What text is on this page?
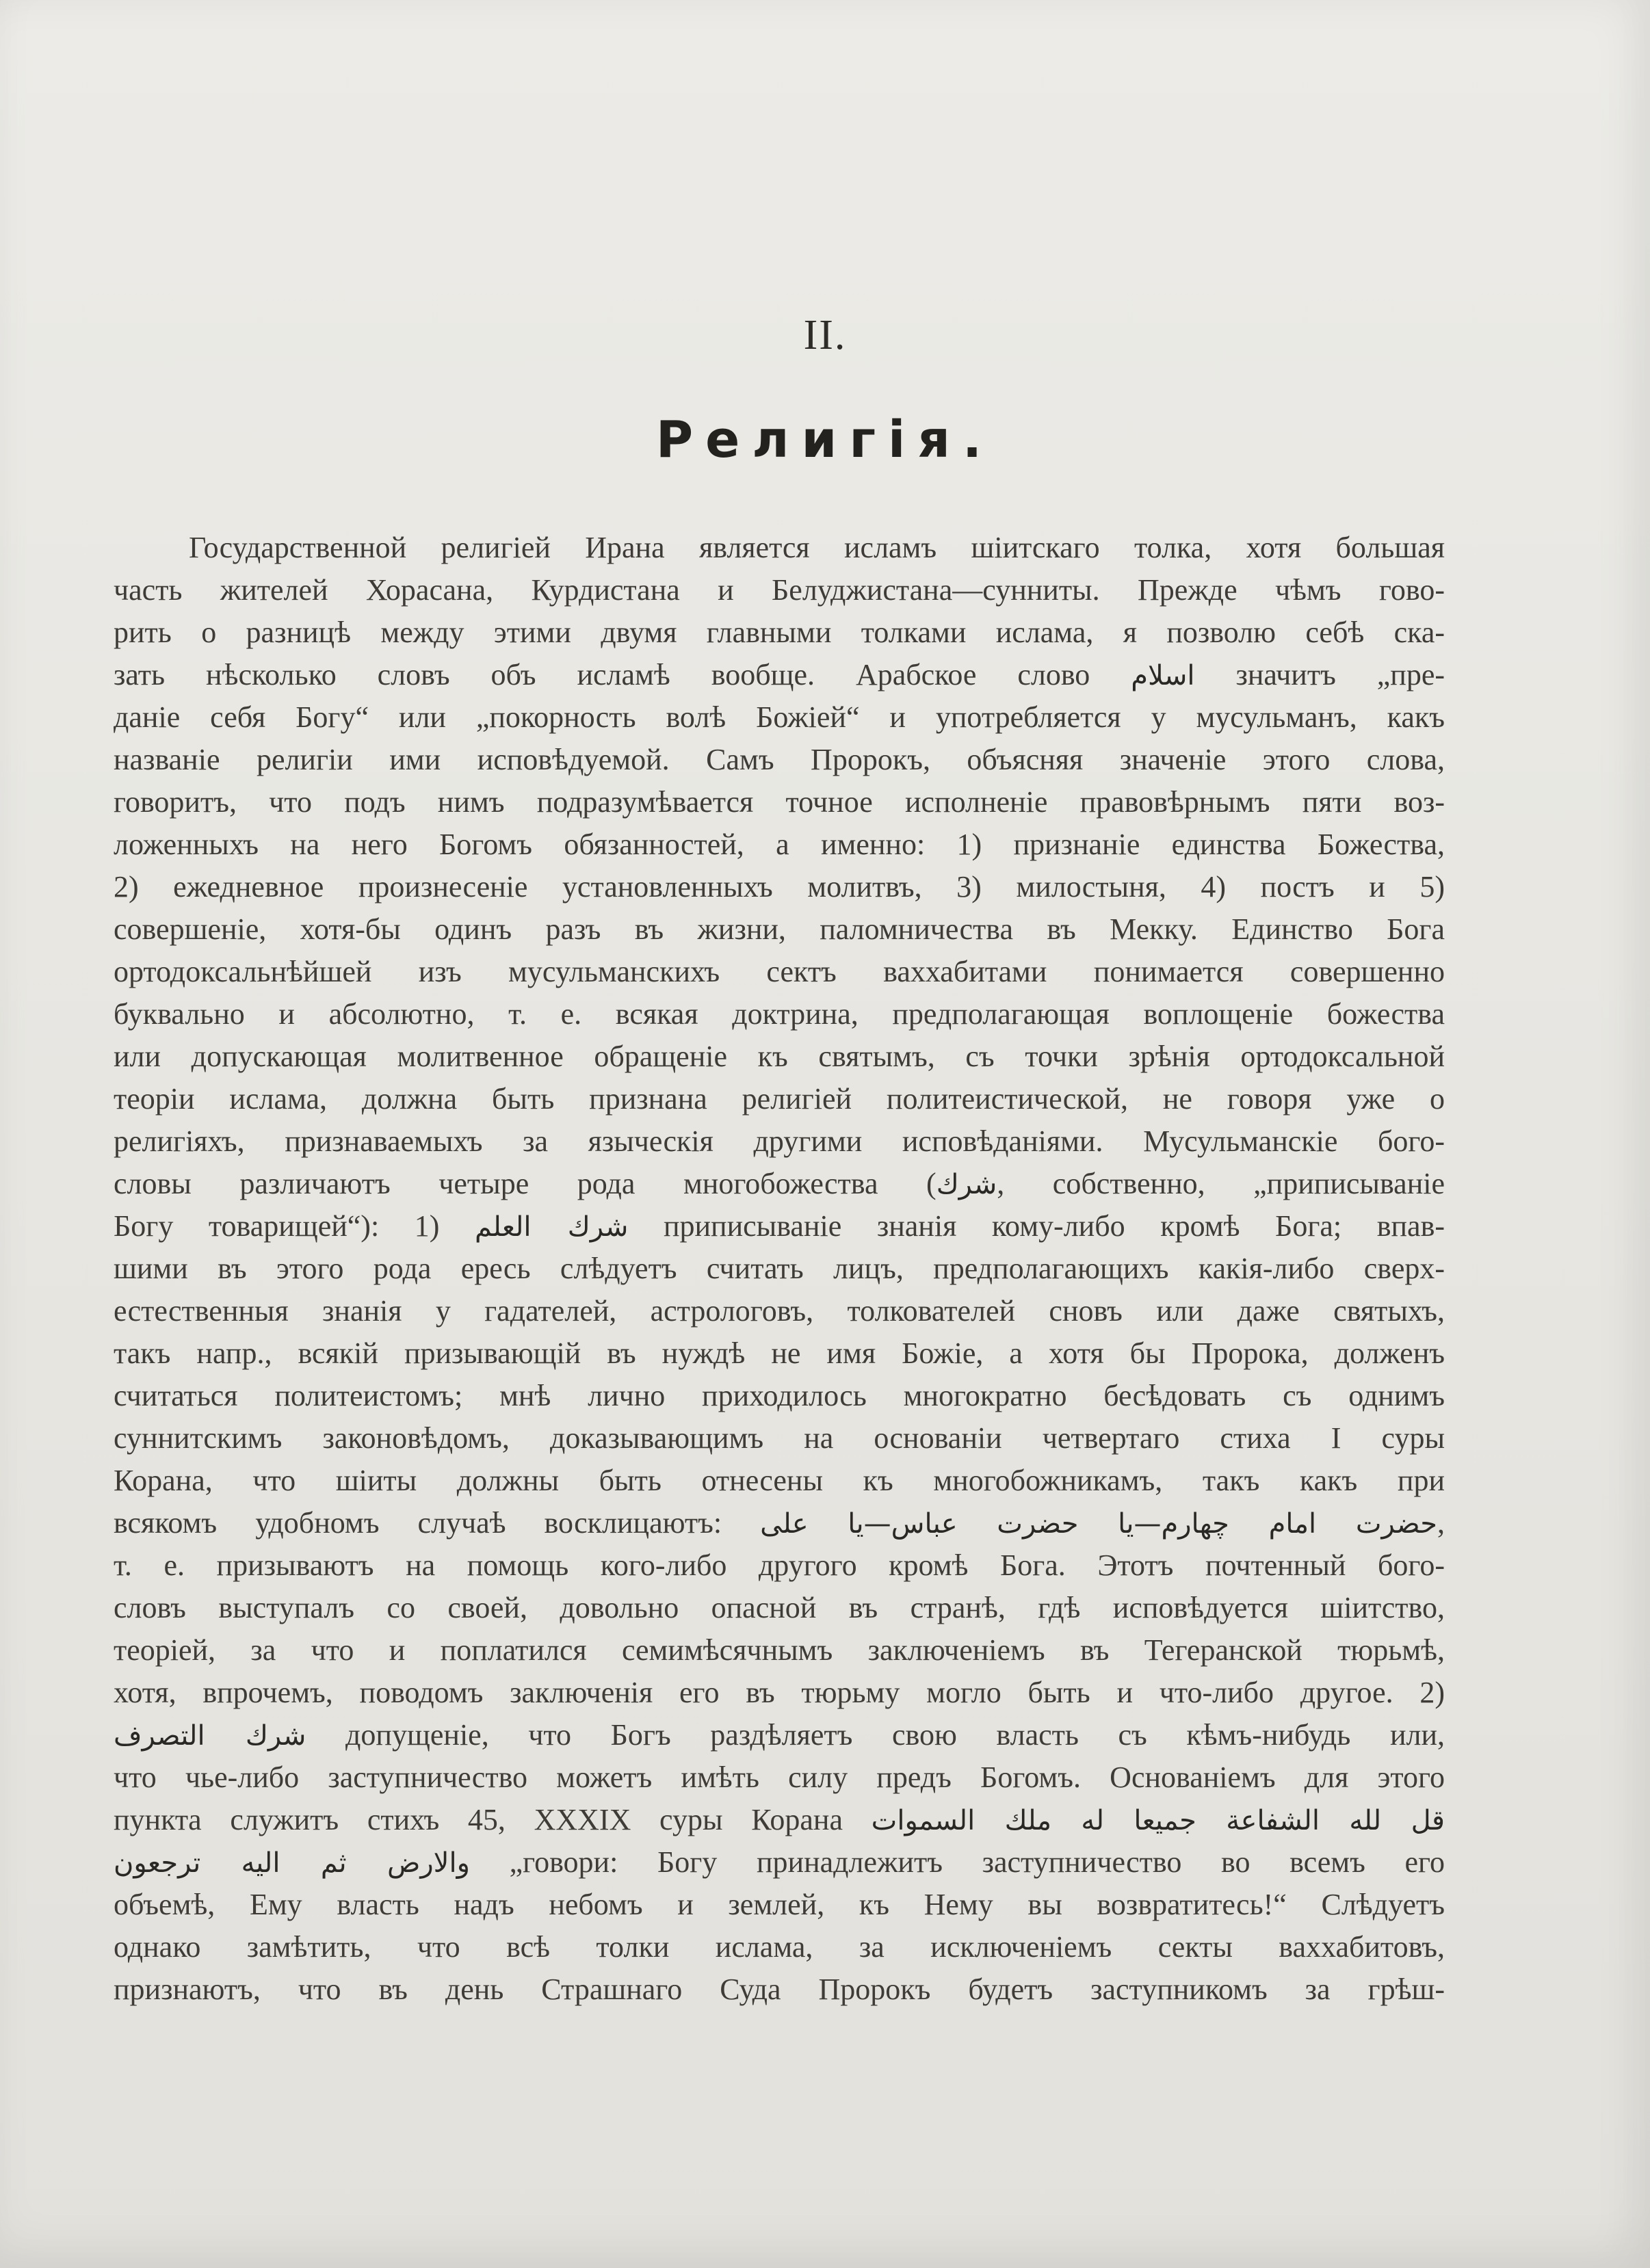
II.
Религія.
Государственной религіей Ирана является исламъ шіитскаго толка, хотя большая
часть жителей Хорасана, Курдистана и Белуджистана—сунниты. Прежде чѣмъ гово-
рить о разницѣ между этими двумя главными толками ислама, я позволю себѣ ска-
зать нѣсколько словъ объ исламѣ вообще. Арабское слово اسلام значитъ „пре-
даніе себя Богу“ или „покорность волѣ Божіей“ и употребляется у мусульманъ, какъ
названіе религіи ими исповѣдуемой. Самъ Пророкъ, объясняя значеніе этого слова,
говоритъ, что подъ нимъ подразумѣвается точное исполненіе правовѣрнымъ пяти воз-
ложенныхъ на него Богомъ обязанностей, а именно: 1) признаніе единства Божества,
2) ежедневное произнесеніе установленныхъ молитвъ, 3) милостыня, 4) постъ и 5)
совершеніе, хотя-бы одинъ разъ въ жизни, паломничества въ Мекку. Единство Бога
ортодоксальнѣйшей изъ мусульманскихъ сектъ ваххабитами понимается совершенно
буквально и абсолютно, т. е. всякая доктрина, предполагающая воплощеніе божества
или допускающая молитвенное обращеніе къ святымъ, съ точки зрѣнія ортодоксальной
теоріи ислама, должна быть признана религіей политеистической, не говоря уже о
религіяхъ, признаваемыхъ за языческія другими исповѣданіями. Мусульманскіе бого-
словы различаютъ четыре рода многобожества (شرك, собственно, „приписываніе
Богу товарищей“): 1) شرك العلم приписываніе знанія кому-либо кромѣ Бога; впав-
шими въ этого рода ересь слѣдуетъ считать лицъ, предполагающихъ какія-либо сверх-
естественныя знанія у гадателей, астрологовъ, толкователей сновъ или даже святыхъ,
такъ напр., всякій призывающій въ нуждѣ не имя Божіе, а хотя бы Пророка, долженъ
считаться политеистомъ; мнѣ лично приходилось многократно бесѣдовать съ однимъ
суннитскимъ законовѣдомъ, доказывающимъ на основаніи четвертаго стиха I суры
Корана, что шіиты должны быть отнесены къ многобожникамъ, такъ какъ при
всякомъ удобномъ случаѣ восклицаютъ: حضرت امام چهارم—يا حضرت عباس—يا على,
т. е. призываютъ на помощь кого-либо другого кромѣ Бога. Этотъ почтенный бого-
словъ выступалъ со своей, довольно опасной въ странѣ, гдѣ исповѣдуется шіитство,
теоріей, за что и поплатился семимѣсячнымъ заключеніемъ въ Тегеранской тюрьмѣ,
хотя, впрочемъ, поводомъ заключенія его въ тюрьму могло быть и что-либо другое. 2)
شرك التصرف допущеніе, что Богъ раздѣляетъ свою власть съ кѣмъ-нибудь или,
что чье-либо заступничество можетъ имѣть силу предъ Богомъ. Основаніемъ для этого
пунктa служитъ стихъ 45, XXXIX суры Корана قل لله الشفاعة جميعا له ملك السموات
والارض ثم اليه ترجعون „говори: Богу принадлежитъ заступничество во всемъ его
объемѣ, Ему власть надъ небомъ и землей, къ Нему вы возвратитесь!“ Слѣдуетъ
однако замѣтить, что всѣ толки ислама, за исключеніемъ секты ваххабитовъ,
признаютъ, что въ день Страшнаго Суда Пророкъ будетъ заступникомъ за грѣш-
